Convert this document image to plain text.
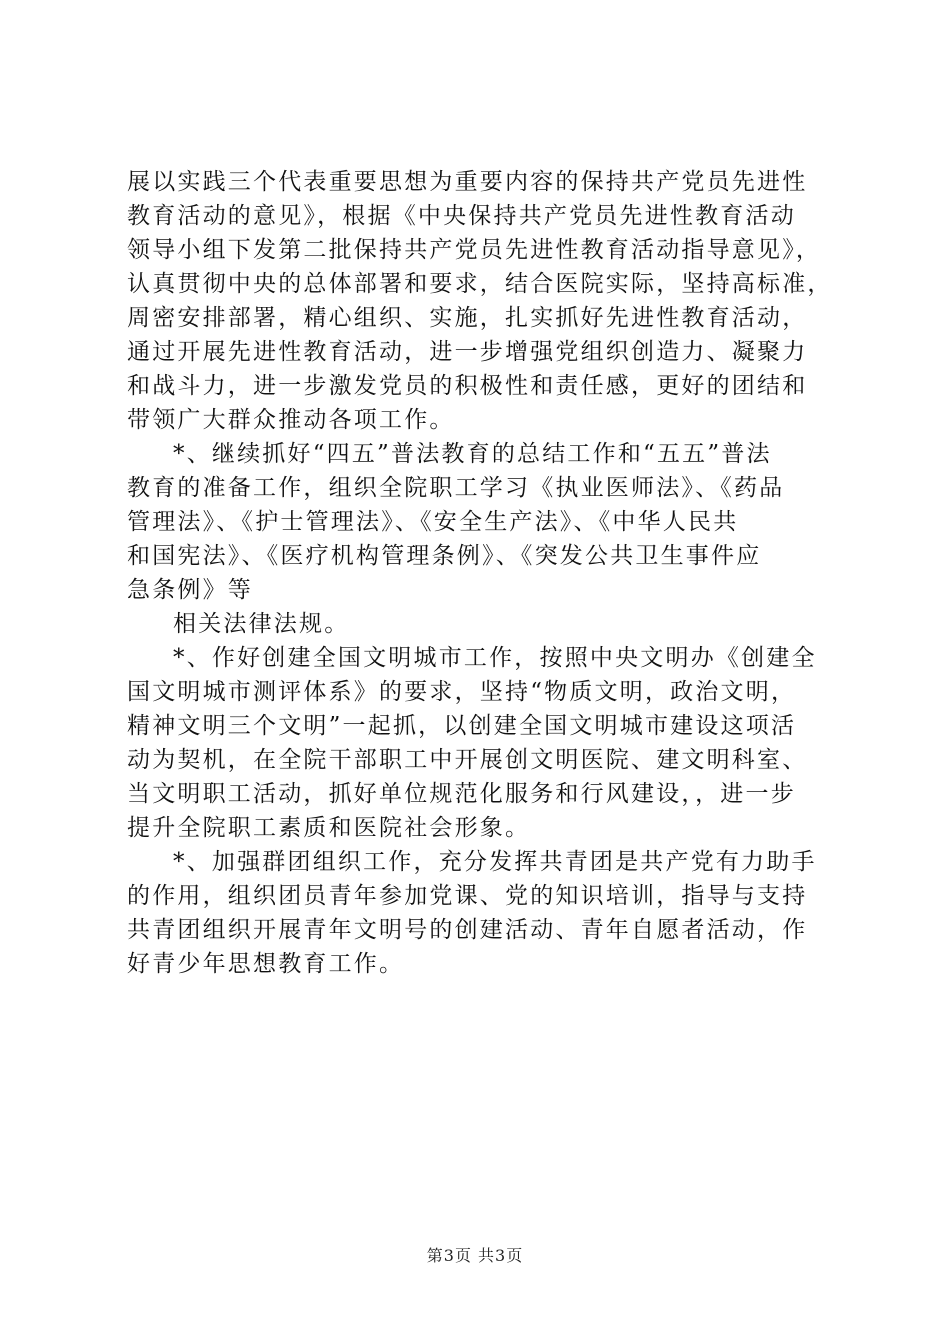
展以实践三个代表重要思想为重要内容的保持共产党员先进性
教育活动的意见》，根据《中央保持共产党员先进性教育活动
领导小组下发第二批保持共产党员先进性教育活动指导意见》，
认真贯彻中央的总体部署和要求，结合医院实际，坚持高标准，
周密安排部署，精心组织、实施，扎实抓好先进性教育活动，
通过开展先进性教育活动，进一步增强党组织创造力、凝聚力
和战斗力，进一步激发党员的积极性和责任感，更好的团结和
带领广大群众推动各项工作。
*、继续抓好“四五”普法教育的总结工作和“五五”普法
教育的准备工作，组织全院职工学习《执业医师法》、《药品
管理法》、《护士管理法》、《安全生产法》、《中华人民共
和国宪法》、《医疗机构管理条例》、《突发公共卫生事件应
急条例》等
相关法律法规。
*、作好创建全国文明城市工作，按照中央文明办《创建全
国文明城市测评体系》的要求，坚持“物质文明，政治文明，
精神文明三个文明”一起抓，以创建全国文明城市建设这项活
动为契机，在全院干部职工中开展创文明医院、建文明科室、
当文明职工活动，抓好单位规范化服务和行风建设，，进一步
提升全院职工素质和医院社会形象。
*、加强群团组织工作，充分发挥共青团是共产党有力助手
的作用，组织团员青年参加党课、党的知识培训，指导与支持
共青团组织开展青年文明号的创建活动、青年自愿者活动，作
好青少年思想教育工作。
第3页 共3页
